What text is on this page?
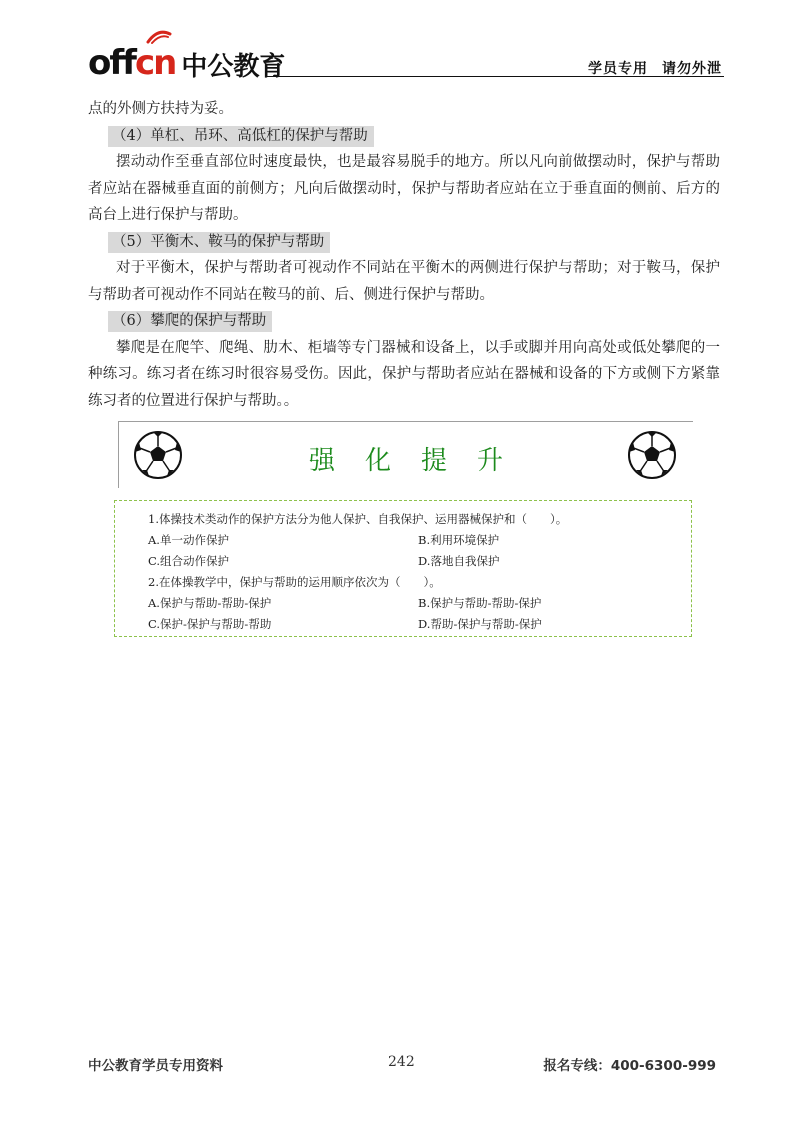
offcn 中公教育	学员专用 请勿外泄

点的外侧方扶持为妥。

（4）单杠、吊环、高低杠的保护与帮助

摆动动作至垂直部位时速度最快，也是最容易脱手的地方。所以凡向前做摆动时，保护与帮助者应站在器械垂直面的前侧方；凡向后做摆动时，保护与帮助者应站在立于垂直面的侧前、后方的高台上进行保护与帮助。

（5）平衡木、鞍马的保护与帮助

对于平衡木，保护与帮助者可视动作不同站在平衡木的两侧进行保护与帮助；对于鞍马，保护与帮助者可视动作不同站在鞍马的前、后、侧进行保护与帮助。

（6）攀爬的保护与帮助

攀爬是在爬竿、爬绳、肋木、柜墙等专门器械和设备上，以手或脚并用向高处或低处攀爬的一种练习。练习者在练习时很容易受伤。因此，保护与帮助者应站在器械和设备的下方或侧下方紧靠练习者的位置进行保护与帮助。。

强化提升
1.体操技术类动作的保护方法分为他人保护、自我保护、运用器械保护和（　　）。
A.单一动作保护	B.利用环境保护
C.组合动作保护	D.落地自我保护
2.在体操教学中，保护与帮助的运用顺序依次为（　　）。
A.保护与帮助-帮助-保护	B.保护与帮助-帮助-保护
C.保护-保护与帮助-帮助	D.帮助-保护与帮助-保护
中公教育学员专用资料	242	报名专线：400-6300-999
